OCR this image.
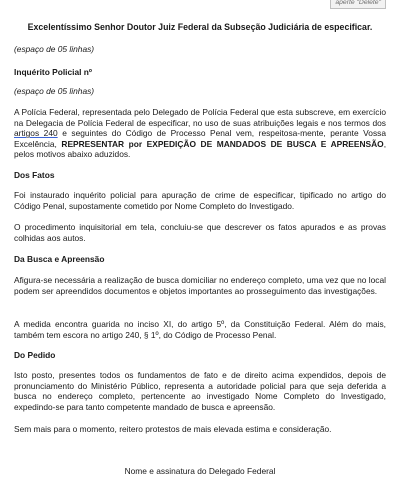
aperte "Delete"
Excelentíssimo Senhor Doutor Juiz Federal da Subseção Judiciária de especificar.
(espaço de 05 linhas)
Inquérito Policial nº
(espaço de 05 linhas)
A Polícia Federal, representada pelo Delegado de Polícia Federal que esta subscreve, em exercício na Delegacia de Polícia Federal de especificar, no uso de suas atribuições legais e nos termos dos artigos 240 e seguintes do Código de Processo Penal vem, respeitosa-mente, perante Vossa Excelência, REPRESENTAR por EXPEDIÇÃO DE MANDADOS DE BUSCA E APREENSÃO, pelos motivos abaixo aduzidos.
Dos Fatos
Foi instaurado inquérito policial para apuração de crime de especificar, tipificado no artigo do Código Penal, supostamente cometido por Nome Completo do Investigado.
O procedimento inquisitorial em tela, concluiu-se que descrever os fatos apurados e as provas colhidas aos autos.
Da Busca e Apreensão
Afigura-se necessária a realização de busca domiciliar no endereço completo, uma vez que no local podem ser apreendidos documentos e objetos importantes ao prosseguimento das investigações.
A medida encontra guarida no inciso XI, do artigo 5º, da Constituição Federal. Além do mais, também tem escora no artigo 240, § 1º, do Código de Processo Penal.
Do Pedido
Isto posto, presentes todos os fundamentos de fato e de direito acima expendidos, depois de pronunciamento do Ministério Público, representa a autoridade policial para que seja deferida a busca no endereço completo, pertencente ao investigado Nome Completo do Investigado, expedindo-se para tanto competente mandado de busca e apreensão.
Sem mais para o momento, reitero protestos de mais elevada estima e consideração.
Nome e assinatura do Delegado Federal
